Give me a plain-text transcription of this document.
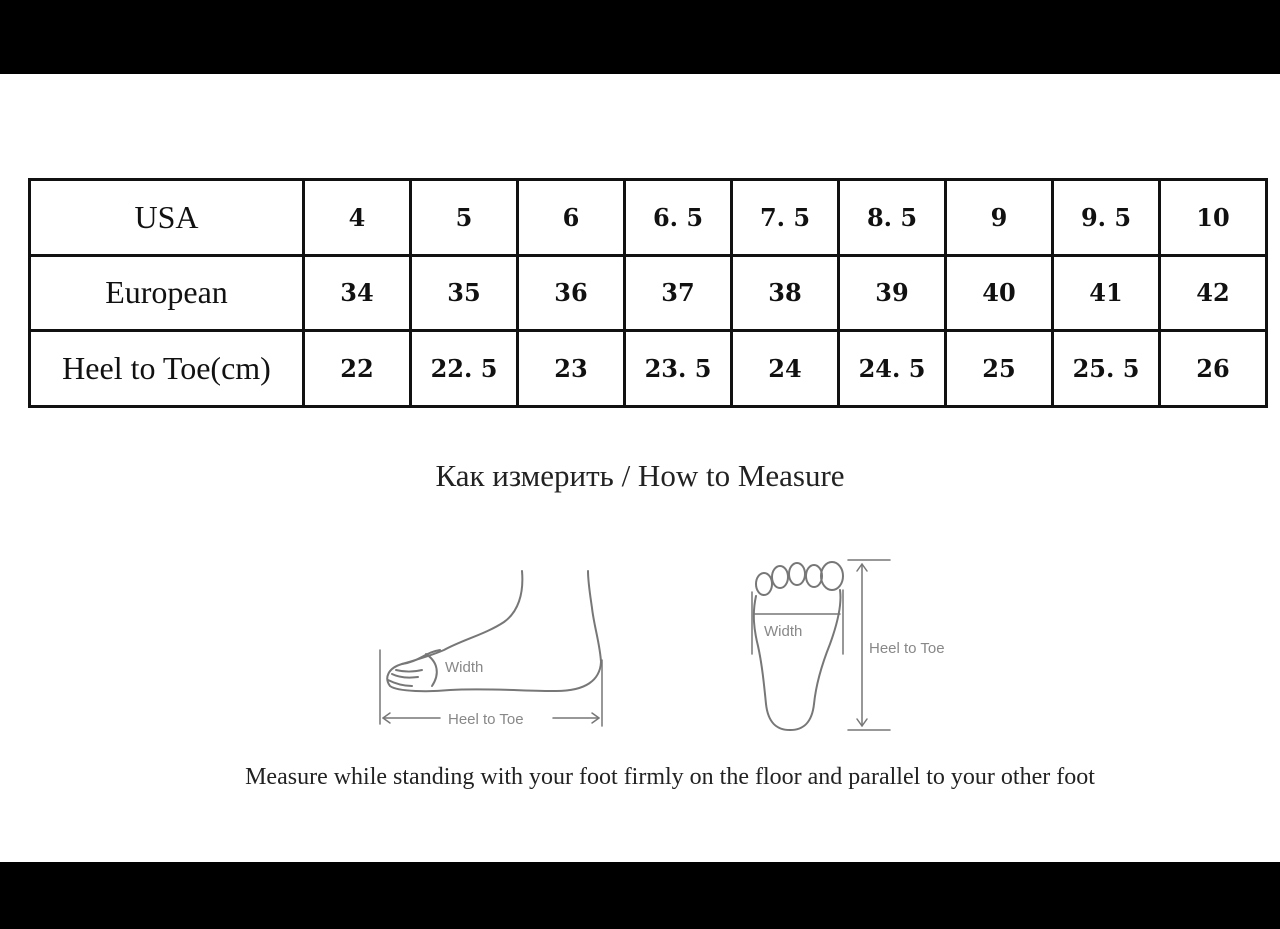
USA	4	5	6	6. 5	7. 5	8. 5	9	9. 5	10
European	34	35	36	37	38	39	40	41	42
Heel to Toe(cm)	22	22. 5	23	23. 5	24	24. 5	25	25. 5	26
Как измерить / How to Measure
Width
Heel to Toe
Width
Heel to Toe
Measure while standing with your foot firmly on the floor and parallel to your other foot
